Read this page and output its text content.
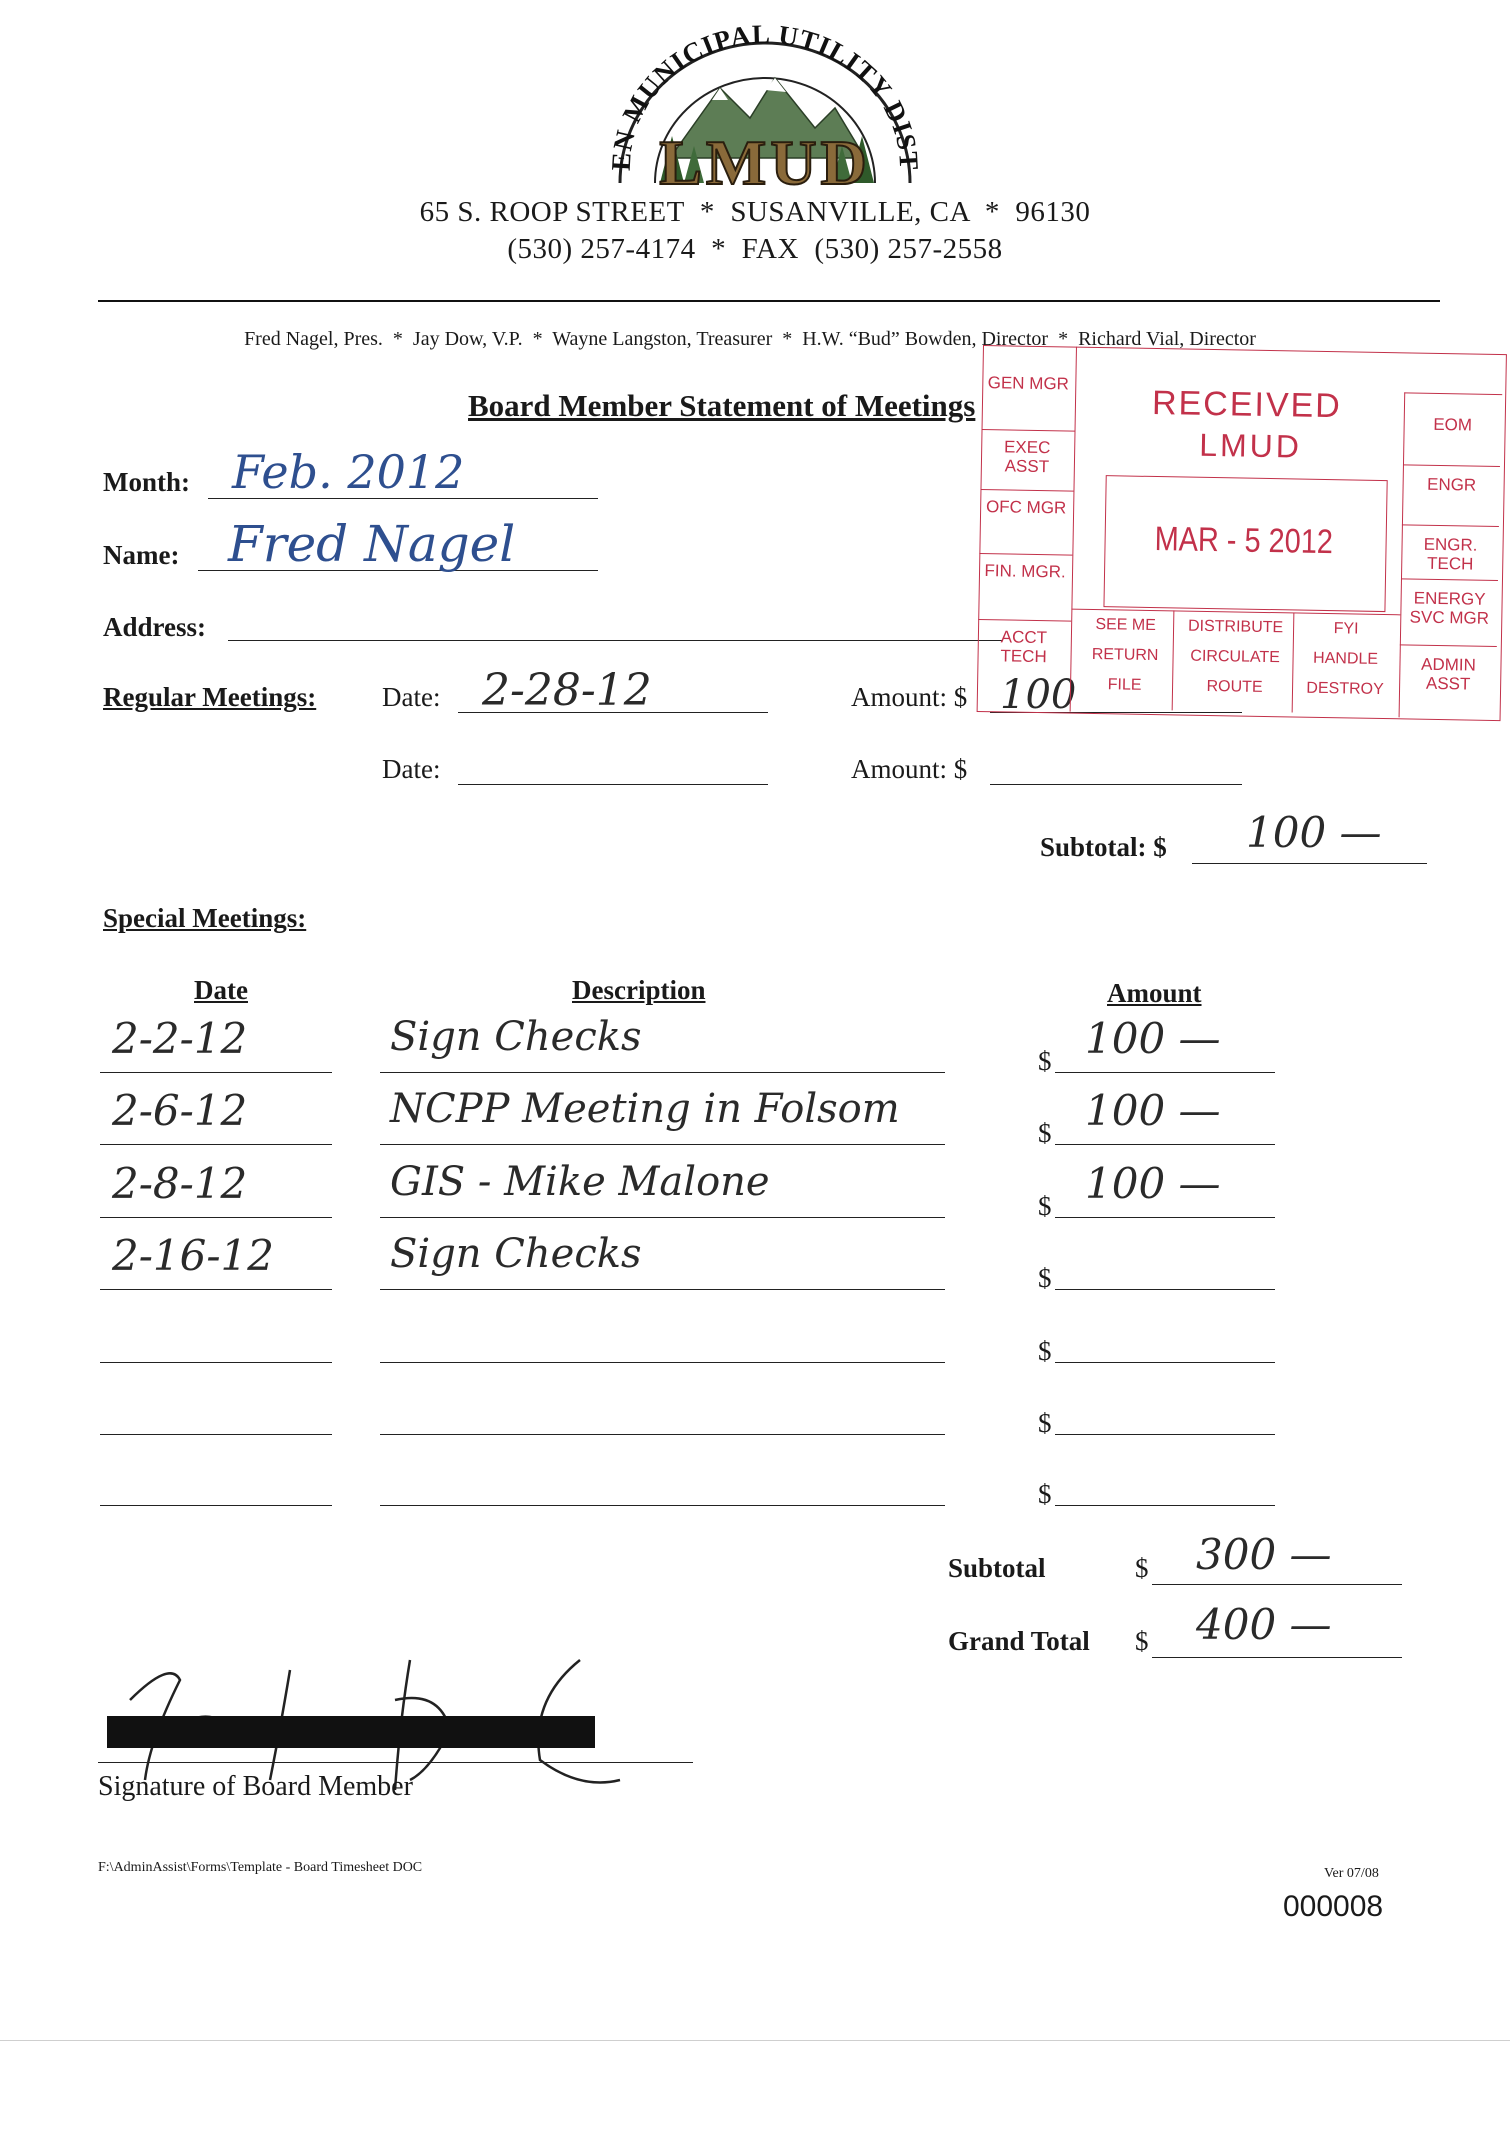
EN MUNICIPAL UTILITY DIST
LMUD
65 S. ROOP STREET  *  SUSANVILLE, CA  *  96130
(530) 257-4174  *  FAX  (530) 257-2558
Fred Nagel, Pres.  *  Jay Dow, V.P.  *  Wayne Langston, Treasurer  *  H.W. “Bud” Bowden, Director  *  Richard Vial, Director
Board Member Statement of Meetings
Month: Feb. 2012
Name: Fred Nagel
Address:
Regular Meetings: Date: 2-28-12	Amount: $ 100
Date:	Amount: $
Subtotal: $ 100 —
Special Meetings:
Date	Description	Amount
$
2-2-12	Sign Checks	100 —
$
2-6-12	NCPP Meeting in Folsom	100 —
$
2-8-12	GIS - Mike Malone	100 —
$
2-16-12	Sign Checks
$
$
$
Subtotal	$ 300 —
Grand Total $ 400 —
Signature of Board Member
F:\AdminAssist\Forms\Template - Board Timesheet DOC	Ver 07/08
000008
GEN MGR
EXEC ASST
OFC MGR
FIN. MGR.
ACCT TECH
EOM
ENGR
ENGR. TECH
ENERGY SVC MGR
ADMIN ASST
RECEIVED
LMUD
MAR - 5 2012
SEE ME	DISTRIBUTE	FYI
RETURN	CIRCULATE	HANDLE
FILE	ROUTE	DESTROY
